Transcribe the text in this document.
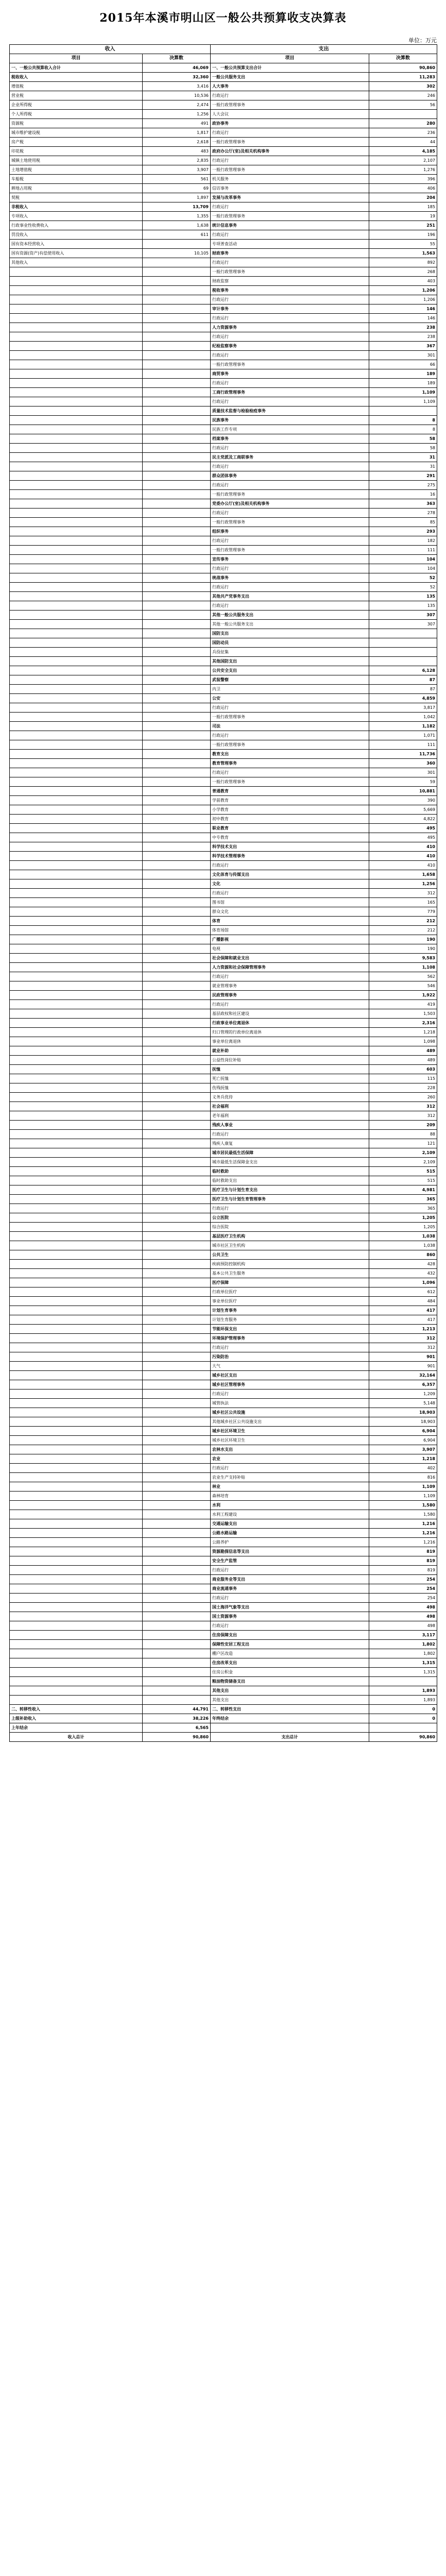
2015年本溪市明山区一般公共预算收支决算表
单位：万元
收入		支出	
项目	决算数	项目	决算数
一、一般公共预算收入合计	46,069	一、一般公共预算支出合计	90,860
税收收入	32,360	一般公共服务支出	11,283
增值税	3,416	人大事务	302
营业税	10,536	行政运行	246
企业所得税	2,474	一般行政管理事务	56
个人所得税	1,256	人大会议	
资源税	491	政协事务	280
城市维护建设税	1,817	行政运行	236
房产税	2,618	一般行政管理事务	44
印花税	483	政府办公厅(室)及相关机构事务	4,185
城镇土地使用税	2,835	行政运行	2,107
土地增值税	3,907	一般行政管理事务	1,276
车船税	561	机关服务	396
耕地占用税	69	信访事务	406
契税	1,897	发展与改革事务	204
非税收入	13,709	行政运行	185
专项收入	1,355	一般行政管理事务	19
行政事业性收费收入	1,638	统计信息事务	251
罚没收入	611	行政运行	196
国有资本经营收入		专项普查活动	55
国有资源(资产)有偿使用收入	10,105	财政事务	1,563
其他收入		行政运行	892
		一般行政管理事务	268
		财政监察	403
		税收事务	1,206
		行政运行	1,206
		审计事务	146
		行政运行	146
		人力资源事务	238
		行政运行	238
		纪检监察事务	367
		行政运行	301
		一般行政管理事务	66
		商贸事务	189
		行政运行	189
		工商行政管理事务	1,109
		行政运行	1,109
		质量技术监督与检验检疫事务	
		民族事务	8
		民族工作专项	8
		档案事务	58
		行政运行	58
		民主党派及工商联事务	31
		行政运行	31
		群众团体事务	291
		行政运行	275
		一般行政管理事务	16
		党委办公厅(室)及相关机构事务	363
		行政运行	278
		一般行政管理事务	85
		组织事务	293
		行政运行	182
		一般行政管理事务	111
		宣传事务	104
		行政运行	104
		统战事务	52
		行政运行	52
		其他共产党事务支出	135
		行政运行	135
		其他一般公共服务支出	307
		其他一般公共服务支出	307
		国防支出	
		国防动员	
		兵役征集	
		其他国防支出	
		公共安全支出	6,128
		武装警察	87
		内卫	87
		公安	4,859
		行政运行	3,817
		一般行政管理事务	1,042
		司法	1,182
		行政运行	1,071
		一般行政管理事务	111
		教育支出	11,736
		教育管理事务	360
		行政运行	301
		一般行政管理事务	59
		普通教育	10,881
		学前教育	390
		小学教育	5,669
		初中教育	4,822
		职业教育	495
		中专教育	495
		科学技术支出	410
		科学技术管理事务	410
		行政运行	410
		文化体育与传媒支出	1,658
		文化	1,256
		行政运行	312
		图书馆	165
		群众文化	779
		体育	212
		体育场馆	212
		广播影视	190
		电视	190
		社会保障和就业支出	9,583
		人力资源和社会保障管理事务	1,108
		行政运行	562
		就业管理事务	546
		民政管理事务	1,922
		行政运行	419
		基层政权和社区建设	1,503
		行政事业单位离退休	2,316
		归口管理的行政单位离退休	1,218
		事业单位离退休	1,098
		就业补助	489
		公益性岗位补贴	489
		抚恤	603
		死亡抚恤	115
		伤残抚恤	228
		义务兵优待	260
		社会福利	312
		老年福利	312
		残疾人事业	209
		行政运行	88
		残疾人康复	121
		城市居民最低生活保障	2,109
		城市最低生活保障金支出	2,109
		临时救助	515
		临时救助支出	515
		医疗卫生与计划生育支出	4,981
		医疗卫生与计划生育管理事务	365
		行政运行	365
		公立医院	1,205
		综合医院	1,205
		基层医疗卫生机构	1,038
		城市社区卫生机构	1,038
		公共卫生	860
		疾病预防控制机构	428
		基本公共卫生服务	432
		医疗保障	1,096
		行政单位医疗	612
		事业单位医疗	484
		计划生育事务	417
		计划生育服务	417
		节能环保支出	1,213
		环境保护管理事务	312
		行政运行	312
		污染防治	901
		大气	901
		城乡社区支出	32,164
		城乡社区管理事务	6,357
		行政运行	1,209
		城管执法	5,148
		城乡社区公共设施	18,903
		其他城乡社区公共设施支出	18,903
		城乡社区环境卫生	6,904
		城乡社区环境卫生	6,904
		农林水支出	3,907
		农业	1,218
		行政运行	402
		农业生产支持补贴	816
		林业	1,109
		森林培育	1,109
		水利	1,580
		水利工程建设	1,580
		交通运输支出	1,216
		公路水路运输	1,216
		公路养护	1,216
		资源勘探信息等支出	819
		安全生产监管	819
		行政运行	819
		商业服务业等支出	254
		商业流通事务	254
		行政运行	254
		国土海洋气象等支出	498
		国土资源事务	498
		行政运行	498
		住房保障支出	3,117
		保障性安居工程支出	1,802
		棚户区改造	1,802
		住房改革支出	1,315
		住房公积金	1,315
		粮油物资储备支出	
		其他支出	1,893
		其他支出	1,893
二、转移性收入	44,791	二、转移性支出	0
上级补助收入	38,226	年终结余	0
上年结余	6,565		
收入总计	90,860	支出总计	90,860
